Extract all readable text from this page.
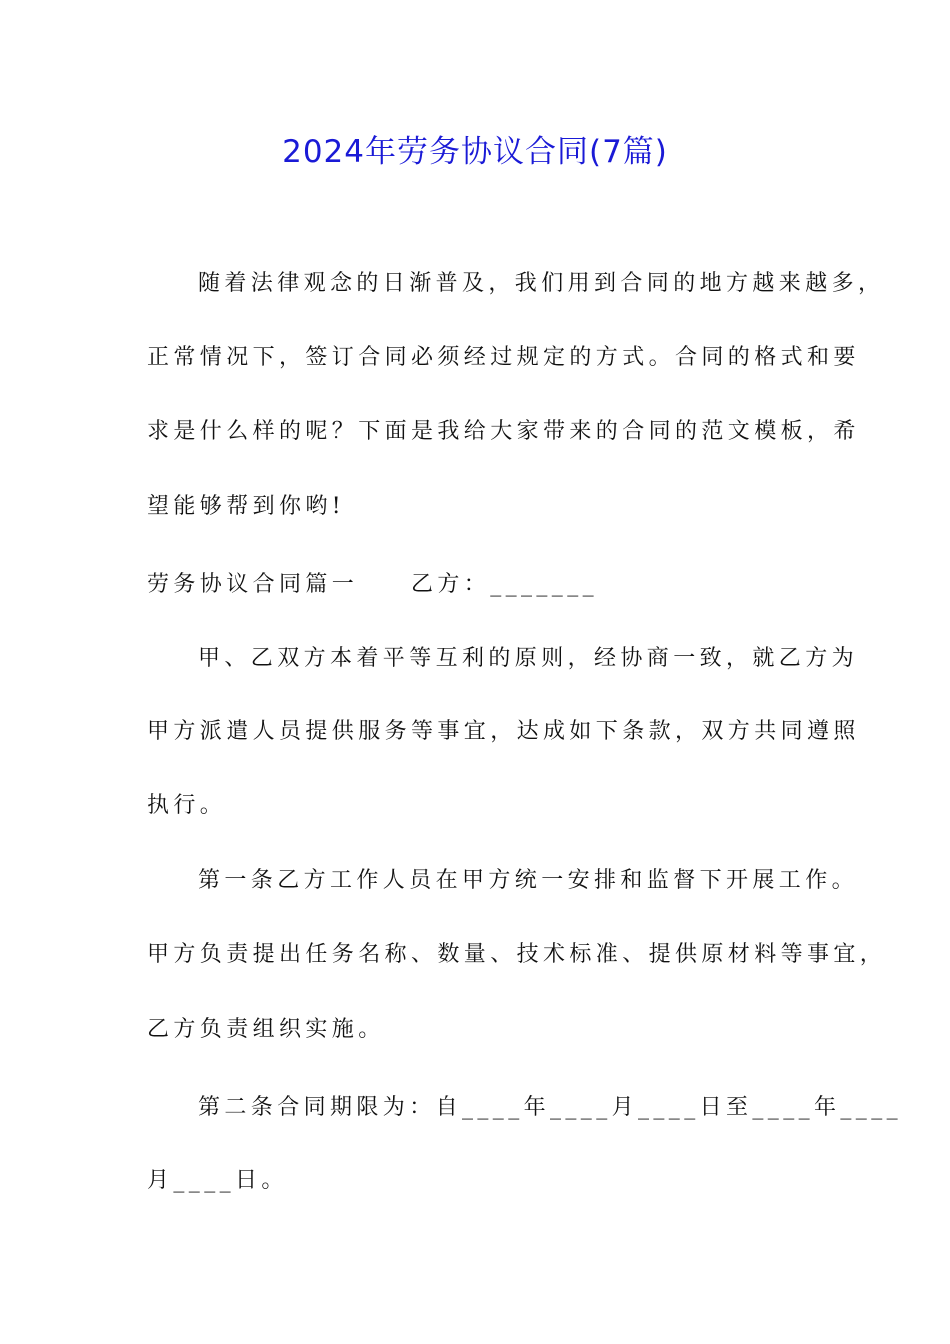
2024年劳务协议合同(7篇)
随着法律观念的日渐普及，我们用到合同的地方越来越多，
正常情况下，签订合同必须经过规定的方式。合同的格式和要
求是什么样的呢？下面是我给大家带来的合同的范文模板，希
望能够帮到你哟!
劳务协议合同篇一　　乙方：_______
甲、乙双方本着平等互利的原则，经协商一致，就乙方为
甲方派遣人员提供服务等事宜，达成如下条款，双方共同遵照
执行。
第一条乙方工作人员在甲方统一安排和监督下开展工作。
甲方负责提出任务名称、数量、技术标准、提供原材料等事宜，
乙方负责组织实施。
第二条合同期限为：自____年____月____日至____年____
月____日。
